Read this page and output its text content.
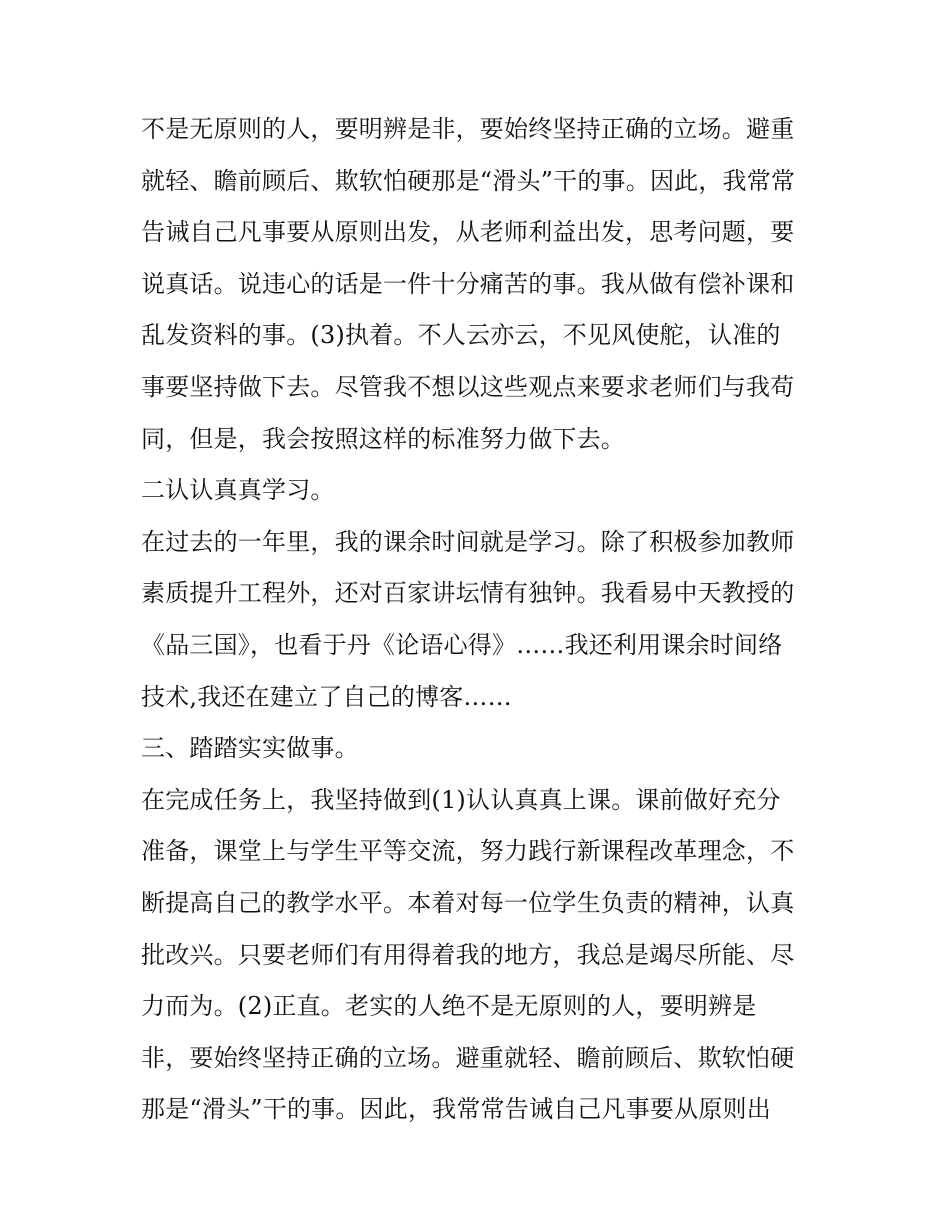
不是无原则的人，要明辨是非，要始终坚持正确的立场。避重
就轻、瞻前顾后、欺软怕硬那是“滑头”干的事。因此，我常常
告诫自己凡事要从原则出发，从老师利益出发，思考问题，要
说真话。说违心的话是一件十分痛苦的事。我从做有偿补课和
乱发资料的事。(3)执着。不人云亦云，不见风使舵，认准的
事要坚持做下去。尽管我不想以这些观点来要求老师们与我苟
同，但是，我会按照这样的标准努力做下去。
二认认真真学习。
在过去的一年里，我的课余时间就是学习。除了积极参加教师
素质提升工程外，还对百家讲坛情有独钟。我看易中天教授的
《品三国》，也看于丹《论语心得》……我还利用课余时间络
技术,我还在建立了自己的博客……
三、踏踏实实做事。
在完成任务上，我坚持做到(1)认认真真上课。课前做好充分
准备，课堂上与学生平等交流，努力践行新课程改革理念，不
断提高自己的教学水平。本着对每一位学生负责的精神，认真
批改兴。只要老师们有用得着我的地方，我总是竭尽所能、尽
力而为。(2)正直。老实的人绝不是无原则的人，要明辨是
非，要始终坚持正确的立场。避重就轻、瞻前顾后、欺软怕硬
那是“滑头”干的事。因此，我常常告诫自己凡事要从原则出
